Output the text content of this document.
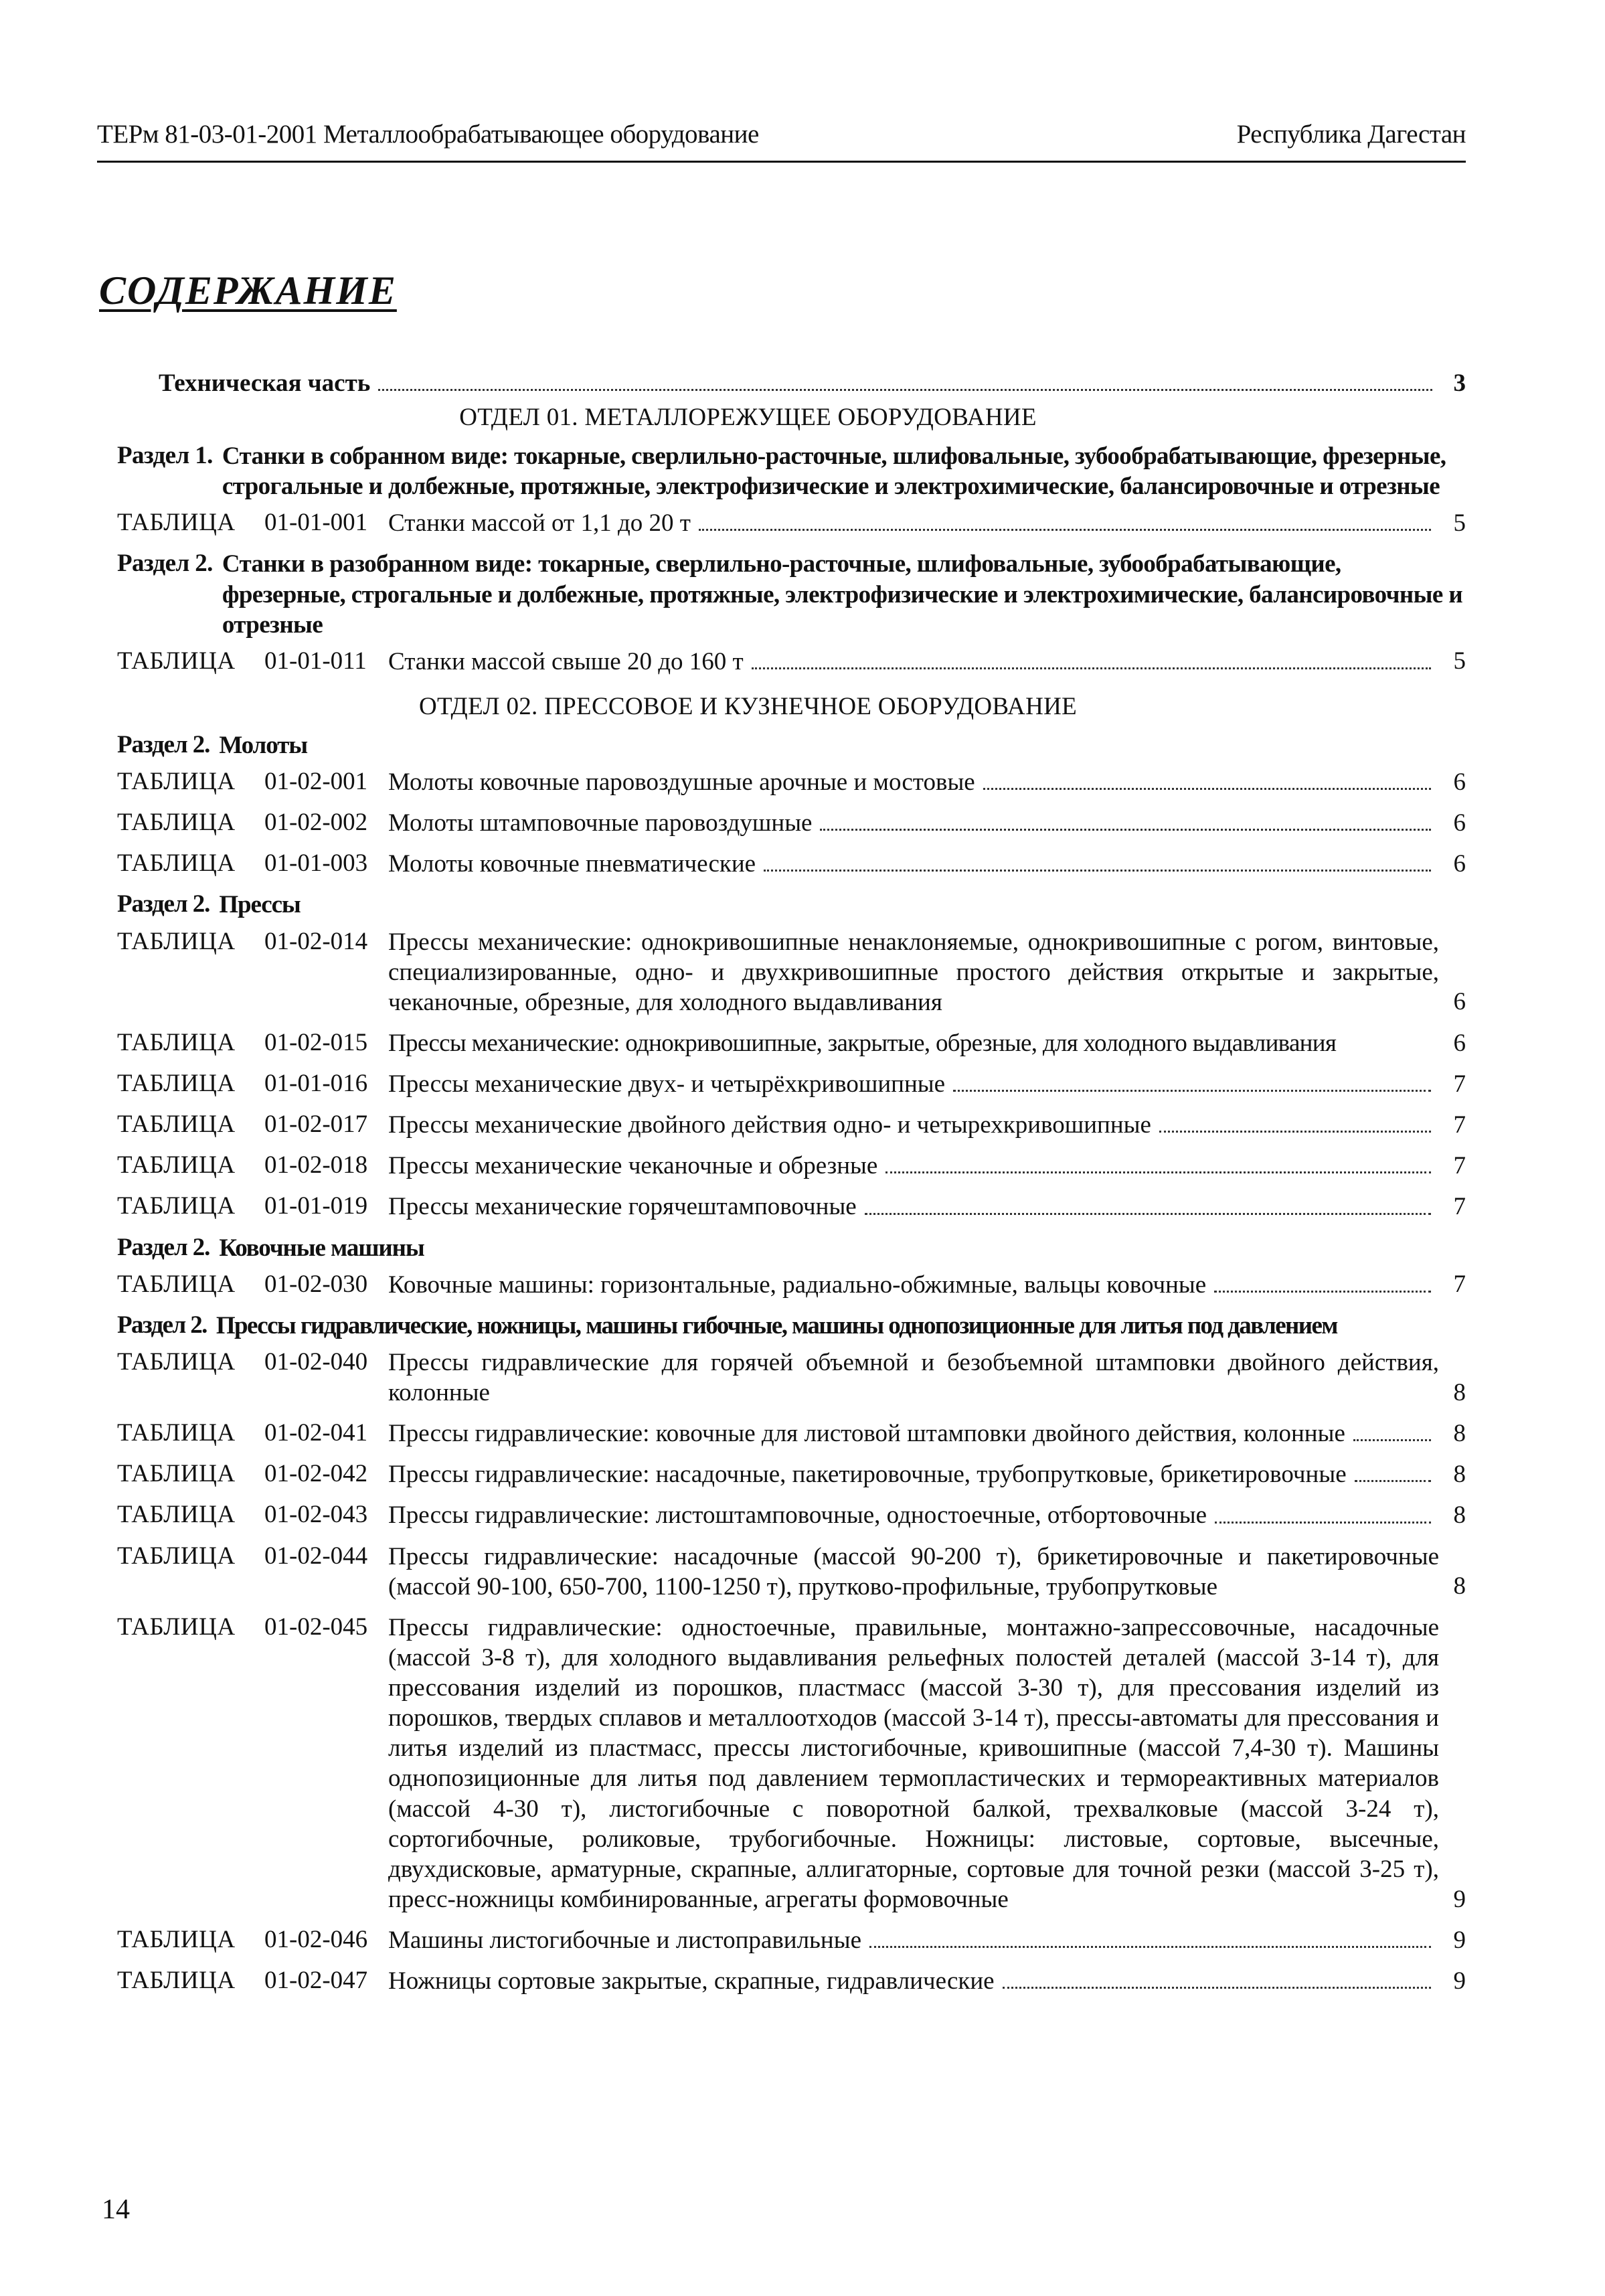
ТЕРм 81-03-01-2001 Металлообрабатывающее оборудование	Республика Дагестан
СОДЕРЖАНИЕ
Техническая часть	3
ОТДЕЛ 01. МЕТАЛЛОРЕЖУЩЕЕ ОБОРУДОВАНИЕ
Раздел 1. Станки в собранном виде: токарные, сверлильно-расточные, шлифовальные, зубообрабатывающие, фрезерные, строгальные и долбежные, протяжные, электрофизические и электрохимические, балансировочные и отрезные
ТАБЛИЦА	01-01-001 Станки массой от 1,1 до 20 т	5
Раздел 2. Станки в разобранном виде: токарные, сверлильно-расточные, шлифовальные, зубообрабатывающие, фрезерные, строгальные и долбежные, протяжные, электрофизические и электрохимические, балансировочные и отрезные
ТАБЛИЦА	01-01-011 Станки массой свыше 20 до 160 т	5
ОТДЕЛ 02. ПРЕССОВОЕ И КУЗНЕЧНОЕ ОБОРУДОВАНИЕ
Раздел 2. Молоты
ТАБЛИЦА	01-02-001 Молоты ковочные паровоздушные арочные и мостовые	6
ТАБЛИЦА	01-02-002 Молоты штамповочные паровоздушные	6
ТАБЛИЦА	01-01-003 Молоты ковочные пневматические	6
Раздел 2. Прессы
ТАБЛИЦА	01-02-014 Прессы механические: однокривошипные ненаклоняемые, однокривошипные с рогом, винтовые, специализированные, одно- и двухкривошипные простого действия открытые и закрытые, чеканочные, обрезные, для холодного выдавливания	6
ТАБЛИЦА	01-02-015 Прессы механические: однокривошипные, закрытые, обрезные, для холодного выдавливания	6
ТАБЛИЦА	01-01-016 Прессы механические двух- и четырёхкривошипные	7
ТАБЛИЦА	01-02-017 Прессы механические двойного действия одно- и четырехкривошипные	7
ТАБЛИЦА	01-02-018 Прессы механические чеканочные и обрезные	7
ТАБЛИЦА	01-01-019 Прессы механические горячештамповочные	7
Раздел 2. Ковочные машины
ТАБЛИЦА	01-02-030 Ковочные машины: горизонтальные, радиально-обжимные, вальцы ковочные	7
Раздел 2. Прессы гидравлические, ножницы, машины гибочные, машины однопозиционные для литья под давлением
ТАБЛИЦА	01-02-040 Прессы гидравлические для горячей объемной и безобъемной штамповки двойного действия, колонные	8
ТАБЛИЦА	01-02-041 Прессы гидравлические: ковочные для листовой штамповки двойного действия, колонные	8
ТАБЛИЦА	01-02-042 Прессы гидравлические: насадочные, пакетировочные, трубопрутковые, брикетировочные	8
ТАБЛИЦА	01-02-043 Прессы гидравлические: листоштамповочные, одностоечные, отбортовочные	8
ТАБЛИЦА	01-02-044 Прессы гидравлические: насадочные (массой 90-200 т), брикетировочные и пакетировочные (массой 90-100, 650-700, 1100-1250 т), прутково-профильные, трубопрутковые	8
ТАБЛИЦА	01-02-045 Прессы гидравлические: одностоечные, правильные, монтажно-запрессовочные, насадочные (массой 3-8 т), для холодного выдавливания рельефных полостей деталей (массой 3-14 т), для прессования изделий из порошков, пластмасс (массой 3-30 т), для прессования изделий из порошков, твердых сплавов и металлоотходов (массой 3-14 т), прессы-автоматы для прессования и литья изделий из пластмасс, прессы листогибочные, кривошипные (массой 7,4-30 т). Машины однопозиционные для литья под давлением термопластических и термореактивных материалов (массой 4-30 т), листогибочные с поворотной балкой, трехвалковые (массой 3-24 т), сортогибочные, роликовые, трубогибочные. Ножницы: листовые, сортовые, высечные, двухдисковые, арматурные, скрапные, аллигаторные, сортовые для точной резки (массой 3-25 т), пресс-ножницы комбинированные, агрегаты формовочные	9
ТАБЛИЦА	01-02-046 Машины листогибочные и листоправильные	9
ТАБЛИЦА	01-02-047 Ножницы сортовые закрытые, скрапные, гидравлические	9
14
